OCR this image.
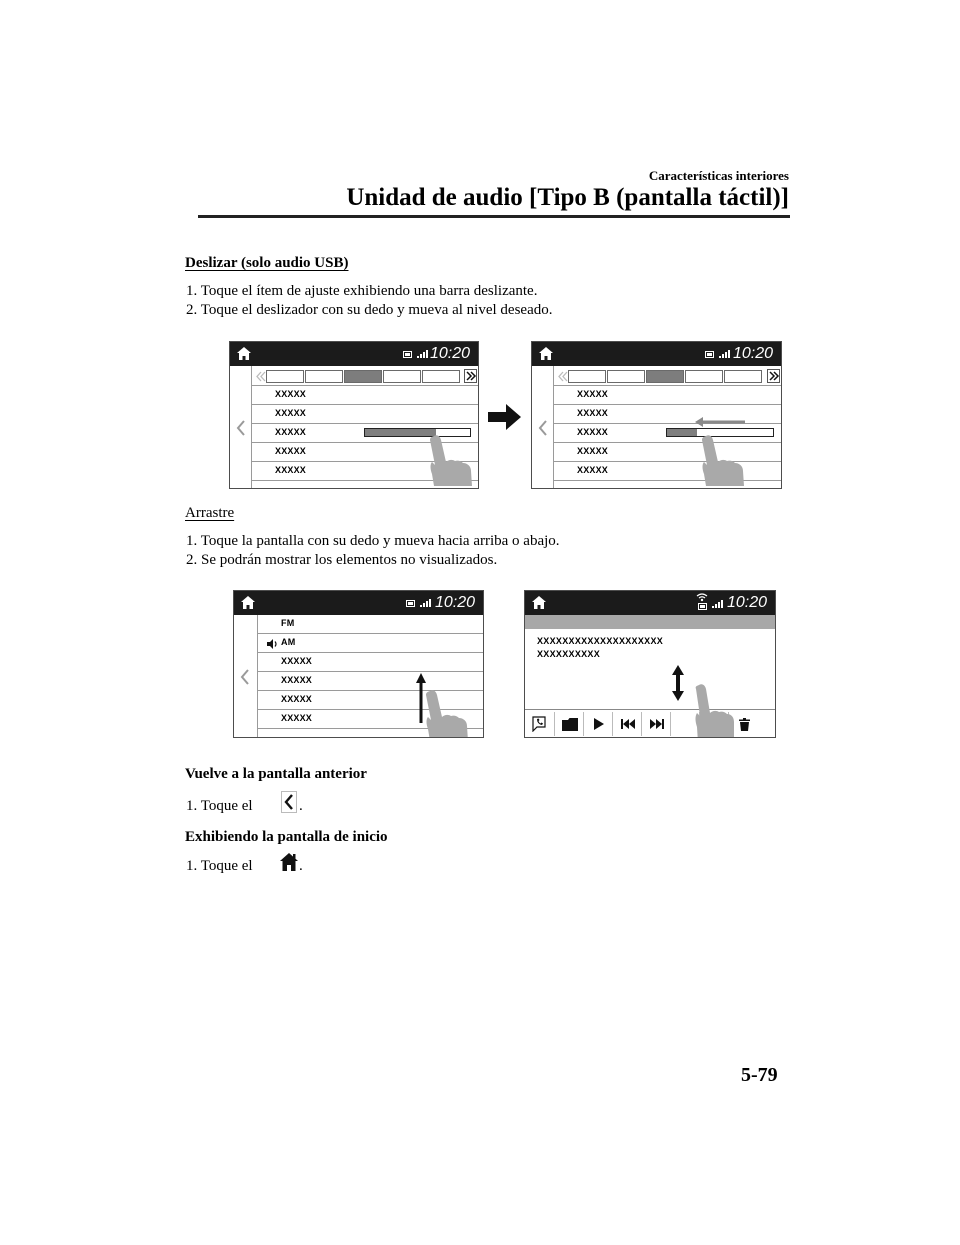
Características interiores
Unidad de audio [Tipo B (pantalla táctil)]
Deslizar (solo audio USB)
1. Toque el ítem de ajuste exhibiendo una barra deslizante.
2. Toque el deslizador con su dedo y mueva al nivel deseado.
10:20
XXXXX
XXXXX
XXXXX
XXXXX
XXXXX
10:20
XXXXX
XXXXX
XXXXX
XXXXX
XXXXX
Arrastre
1. Toque la pantalla con su dedo y mueva hacia arriba o abajo.
2. Se podrán mostrar los elementos no visualizados.
10:20
FM
AM
XXXXX
XXXXX
XXXXX
XXXXX
10:20
XXXXXXXXXXXXXXXXXXXX
XXXXXXXXXX
Vuelve a la pantalla anterior
1. Toque el	.
Exhibiendo la pantalla de inicio
1. Toque el	.
5-79
